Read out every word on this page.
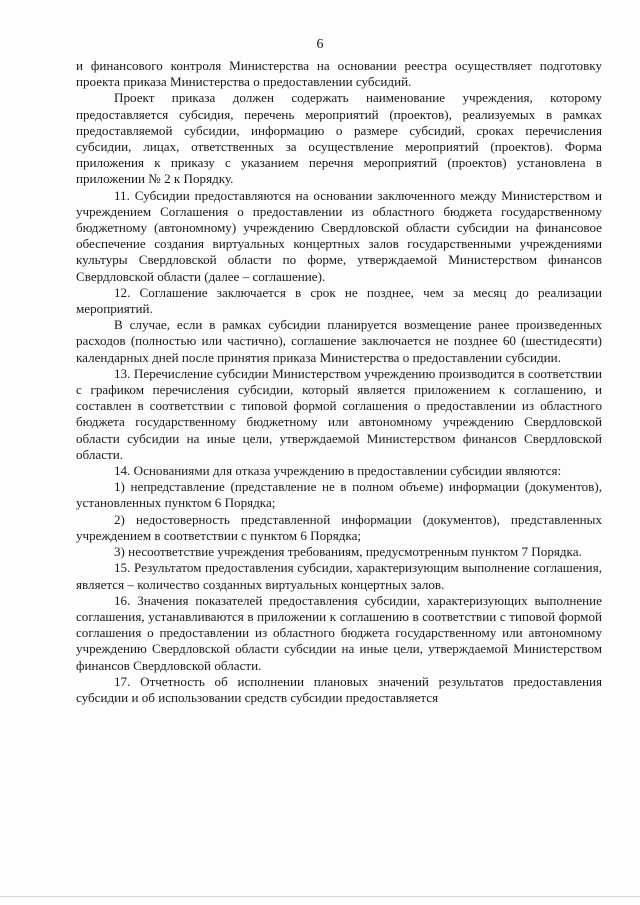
6

и финансового контроля Министерства на основании реестра осуществляет подготовку проекта приказа Министерства о предоставлении субсидий.

Проект приказа должен содержать наименование учреждения, которому предоставляется субсидия, перечень мероприятий (проектов), реализуемых в рамках предоставляемой субсидии, информацию о размере субсидий, сроках перечисления субсидии, лицах, ответственных за осуществление мероприятий (проектов). Форма приложения к приказу с указанием перечня мероприятий (проектов) установлена в приложении № 2 к Порядку.

11. Субсидии предоставляются на основании заключенного между Министерством и учреждением Соглашения о предоставлении из областного бюджета государственному бюджетному (автономному) учреждению Свердловской области субсидии на финансовое обеспечение создания виртуальных концертных залов государственными учреждениями культуры Свердловской области по форме, утверждаемой Министерством финансов Свердловской области (далее – соглашение).

12. Соглашение заключается в срок не позднее, чем за месяц до реализации мероприятий.

В случае, если в рамках субсидии планируется возмещение ранее произведенных расходов (полностью или частично), соглашение заключается не позднее 60 (шестидесяти) календарных дней после принятия приказа Министерства о предоставлении субсидии.

13. Перечисление субсидии Министерством учреждению производится в соответствии с графиком перечисления субсидии, который является приложением к соглашению, и составлен в соответствии с типовой формой соглашения о предоставлении из областного бюджета государственному бюджетному или автономному учреждению Свердловской области субсидии на иные цели, утверждаемой Министерством финансов Свердловской области.

14. Основаниями для отказа учреждению в предоставлении субсидии являются:

1) непредставление (представление не в полном объеме) информации (документов), установленных пунктом 6 Порядка;

2) недостоверность представленной информации (документов), представленных учреждением в соответствии с пунктом 6 Порядка;

3) несоответствие учреждения требованиям, предусмотренным пунктом 7 Порядка.

15. Результатом предоставления субсидии, характеризующим выполнение соглашения, является – количество созданных виртуальных концертных залов.

16. Значения показателей предоставления субсидии, характеризующих выполнение соглашения, устанавливаются в приложении к соглашению в соответствии с типовой формой соглашения о предоставлении из областного бюджета государственному или автономному учреждению Свердловской области субсидии на иные цели, утверждаемой Министерством финансов Свердловской области.

17. Отчетность об исполнении плановых значений результатов предоставления субсидии и об использовании средств субсидии предоставляется
